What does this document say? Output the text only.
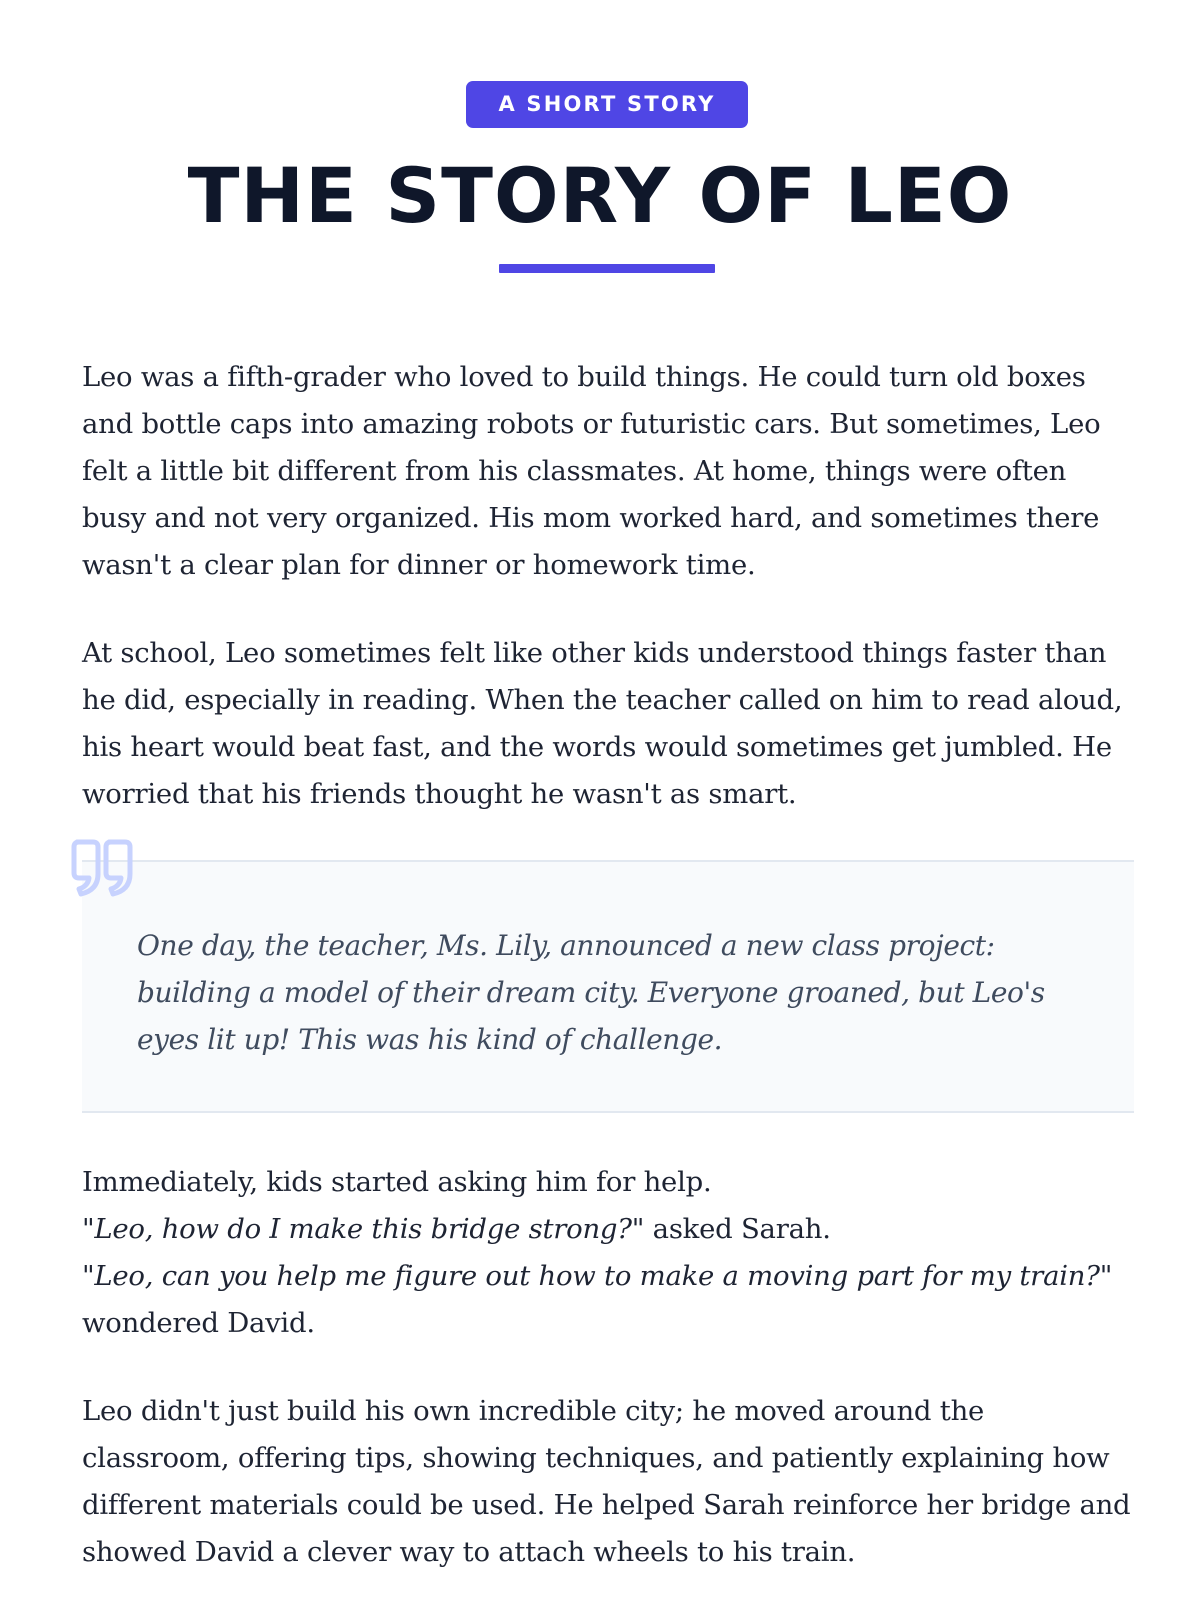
A SHORT STORY
THE STORY OF LEO

Leo was a fifth-grader who loved to build things. He could turn old boxes and bottle caps into amazing robots or futuristic cars. But sometimes, Leo felt a little bit different from his classmates. At home, things were often busy and not very organized. His mom worked hard, and sometimes there wasn't a clear plan for dinner or homework time.

At school, Leo sometimes felt like other kids understood things faster than he did, especially in reading. When the teacher called on him to read aloud, his heart would beat fast, and the words would sometimes get jumbled. He worried that his friends thought he wasn't as smart.

Immediately, kids started asking him for help.
"Leo, how do I make this bridge strong?" asked Sarah.
"Leo, can you help me figure out how to make a moving part for my train?" wondered David.

Leo didn't just build his own incredible city; he moved around the classroom, offering tips, showing techniques, and patiently explaining how different materials could be used. He helped Sarah reinforce her bridge and showed David a clever way to attach wheels to his train.

One day, the teacher, Ms. Lily, announced a new class project: building a model of their dream city. Everyone groaned, but Leo's eyes lit up! This was his kind of challenge.
